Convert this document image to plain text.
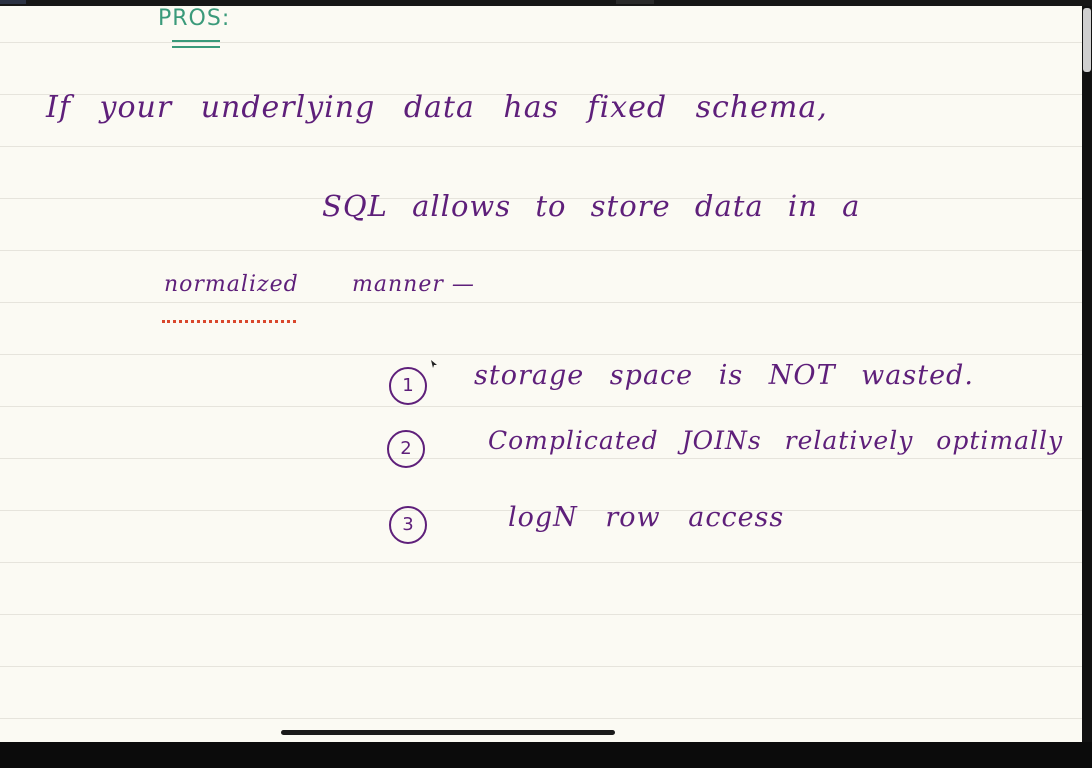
PROS:
If your underlying data has fixed schema,
SQL allows to store data in a
normalized manner —
1	storage space is NOT wasted.
2	Complicated JOINs relatively optimally
3	logN row access
